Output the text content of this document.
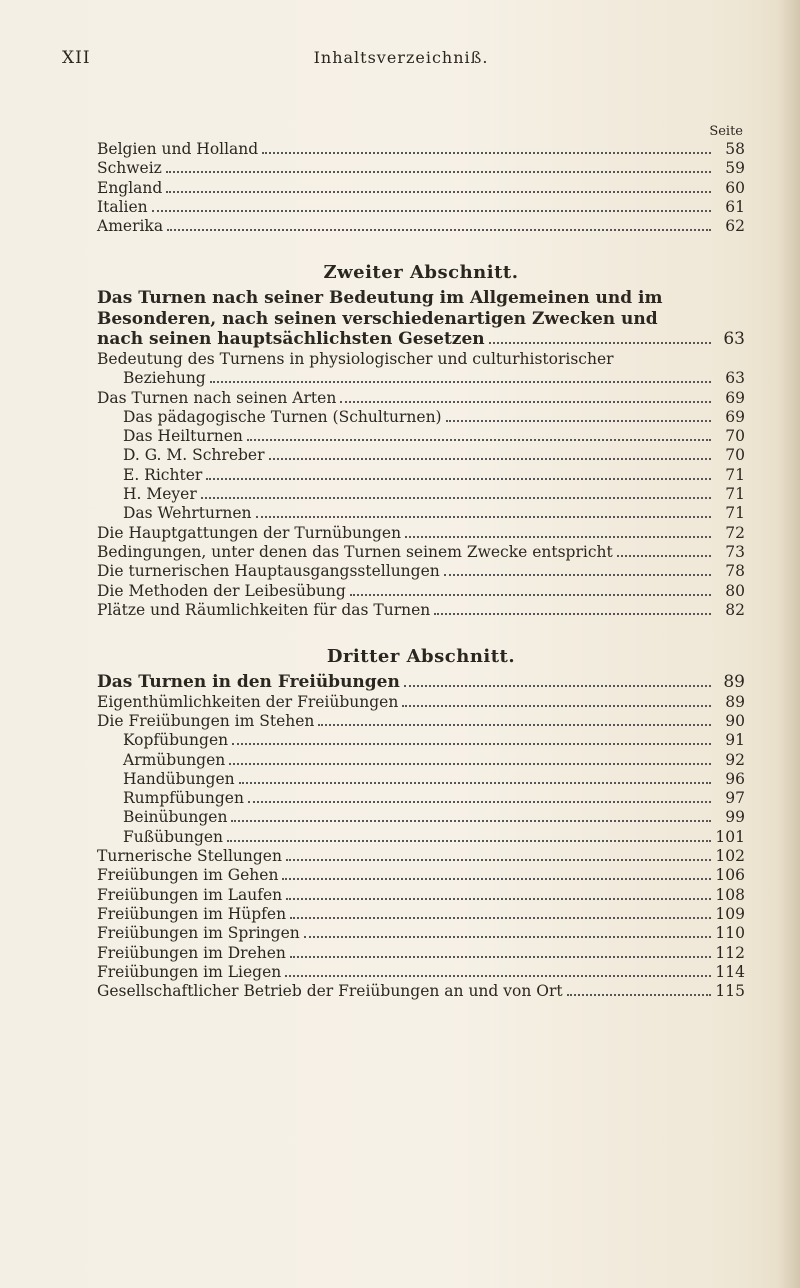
XII	Inhaltsverzeichniß.
Seite
Belgien und Holland	58
Schweiz	59
England	60
Italien	61
Amerika	62
Zweiter Abschnitt.
Das Turnen nach seiner Bedeutung im Allgemeinen und im
Besonderen, nach seinen verschiedenartigen Zwecken und
nach seinen hauptsächlichsten Gesetzen	63
Bedeutung des Turnens in physiologischer und culturhistorischer
Beziehung	63
Das Turnen nach seinen Arten	69
Das pädagogische Turnen (Schulturnen)	69
Das Heilturnen	70
D. G. M. Schreber	70
E. Richter	71
H. Meyer	71
Das Wehrturnen	71
Die Hauptgattungen der Turnübungen	72
Bedingungen, unter denen das Turnen seinem Zwecke entspricht	73
Die turnerischen Hauptausgangsstellungen	78
Die Methoden der Leibesübung	80
Plätze und Räumlichkeiten für das Turnen	82
Dritter Abschnitt.
Das Turnen in den Freiübungen	89
Eigenthümlichkeiten der Freiübungen	89
Die Freiübungen im Stehen	90
Kopfübungen	91
Armübungen	92
Handübungen	96
Rumpfübungen	97
Beinübungen	99
Fußübungen	101
Turnerische Stellungen	102
Freiübungen im Gehen	106
Freiübungen im Laufen	108
Freiübungen im Hüpfen	109
Freiübungen im Springen	110
Freiübungen im Drehen	112
Freiübungen im Liegen	114
Gesellschaftlicher Betrieb der Freiübungen an und von Ort	115
